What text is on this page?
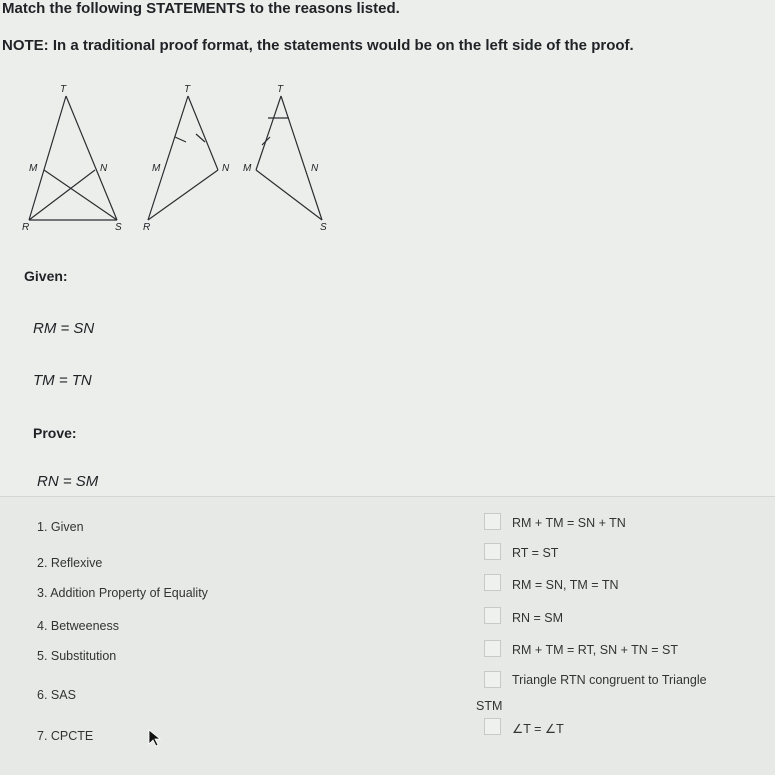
Match the following STATEMENTS to the reasons listed.
NOTE: In a traditional proof format, the statements would be on the left side of the proof.
T
M	N
R	S
T
M	N
R
T
M	N
S
Given:
RM = SN
TM = TN
Prove:
RN = SM
1. Given
2. Reflexive
3. Addition Property of Equality
4. Betweeness
5. Substitution
6. SAS
7. CPCTE
RM + TM = SN + TN
RT = ST
RM = SN, TM = TN
RN = SM
RM + TM = RT, SN + TN = ST
Triangle RTN congruent to Triangle
STM
∠T = ∠T
